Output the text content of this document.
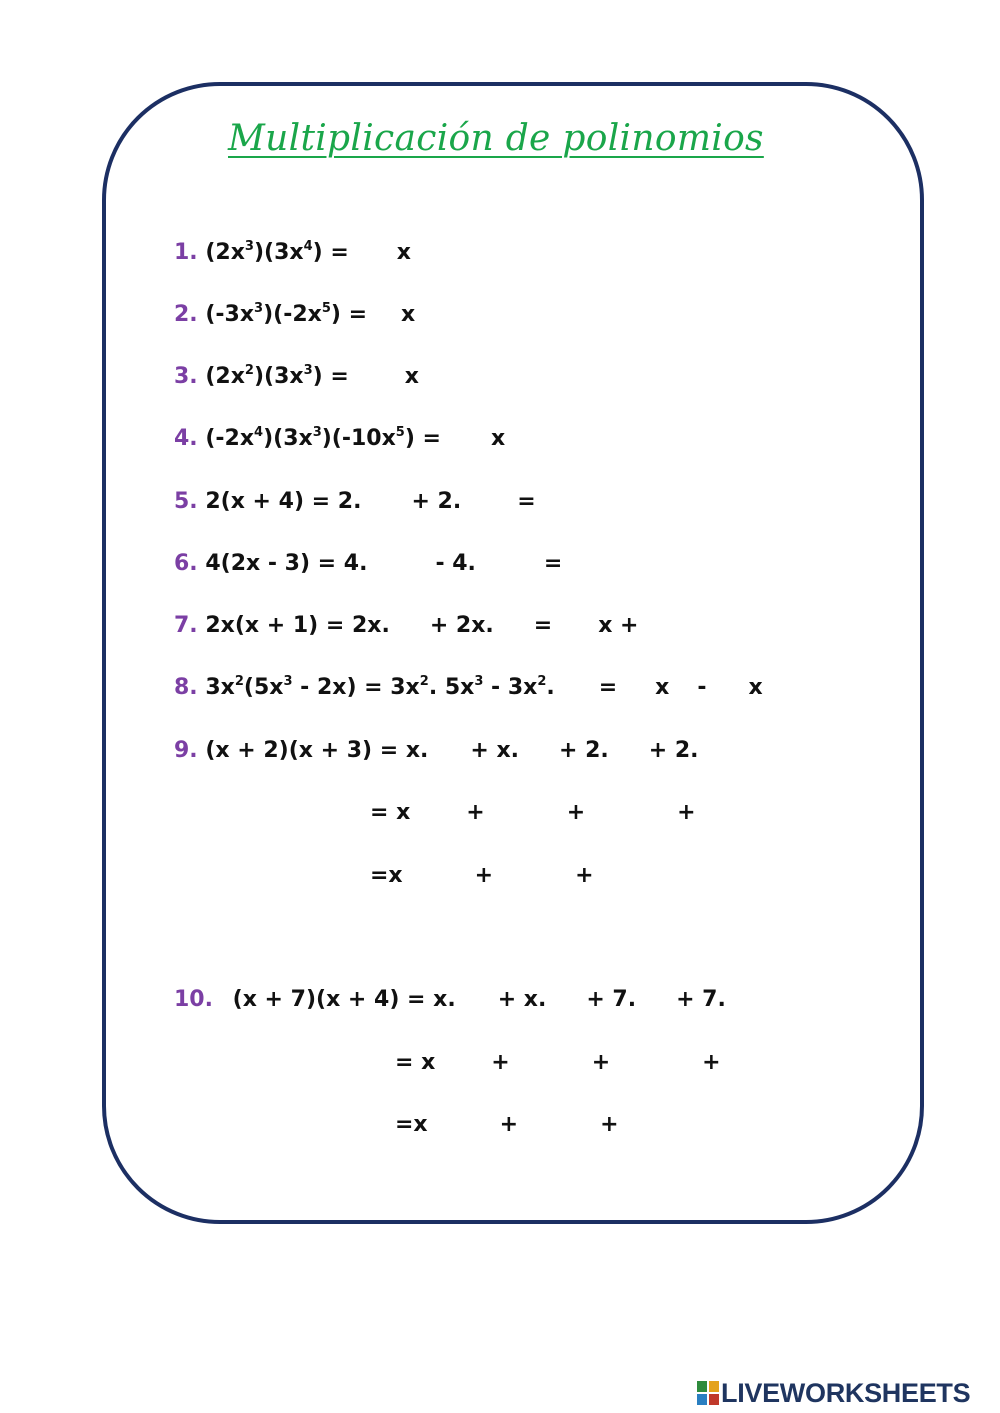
Multiplicación de polinomios
1. $(2x^3)(3x^4) = x$
2. $(-3x^3)(-2x^5) = x$
3. $(2x^2)(3x^3)$ =	x
4. $(-2x^4)(3x^3)(-10x^5) = x$
5. 2(x + 4) = 2. + 2.	=
6. 4(2x - 3) = 4.	- 4.	=
7. 2x(x + 1) = 2x. + 2x. = x +
8. $3x^2(5x^3 - 2x) = 3x^2$. $5x^3 - 3x^2$. = x - x
9. (x + 2)(x + 3) = x. + x. + 2. + 2.
= x	+	+	+
=x	+	+
10. (x + 7)(x + 4) = x. + x. + 7. + 7.
= x	+	+	+
=x	+	+
LIVEWORKSHEETS
